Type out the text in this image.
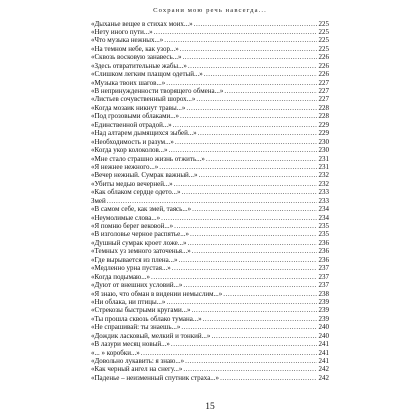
Сохрани мою речь навсегда...
«Дыханье вещее в стихах моих...» .....	225
«Нету иного пути...» .....	225
«Что музыка нежных...» .....	225
«На темном небе, как узор...» .....	225
«Сквозь восковую занавесь...» .....	226
«Здесь отвратительные жабы...» .....	226
«Слишком легким плащом одетый...» .....	226
«Музыка твоих шагов...» .....	227
«В непринужденности творящего обмена...» .....	227
«Листьев сочувственный шорох...» .....	227
«Когда мозаик никнут травы...» .....	228
«Под грозовыми облаками...» .....	228
«Единственной отрадой...» .....	229
«Над алтарем дымящихся зыбей...» .....	229
«Необходимость и разум...» .....	230
«Когда укор колоколов...» .....	230
«Мне стало страшно жизнь отжить...» .....	231
«Я нежнее нежного...» .....	231
«Вечер нежный. Сумрак важный...» .....	232
«Убиты медью вечерней...» .....	232
«Как облаком сердце одето...» .....	233
Змей .....	233
«В самом себе, как змей, таясь...» .....	234
«Неумолимые слова...» .....	234
«Я помню берег вековой...» .....	235
«В изголовье черное распятье...» .....	235
«Душный сумрак кроет ложе...» .....	236
«Темных уз земного заточенья...» .....	236
«Где вырывается из плена...» .....	236
«Медленно урна пустая...» .....	237
«Когда подымаю...» .....	237
«Дуют от внешних условий...» .....	237
«Я знаю, что обман в видении немыслим...» .....	238
«Ни облака, ни птицы...» .....	239
«Стрекозы быстрыми кругами...» .....	239
«Ты прошла сквозь облако тумана...» .....	239
«Не спрашивай: ты знаешь...» .....	240
«Дождик ласковый, мелкий и тонкий...» .....	240
«В лазури месяц новый...» .....	241
«... » коробки...» .....	241
«Довольно лукавить: я знаю...» .....	241
«Как черный ангел на снегу...» .....	242
«Паденье – неизменный спутник страха...» .....	242
15
